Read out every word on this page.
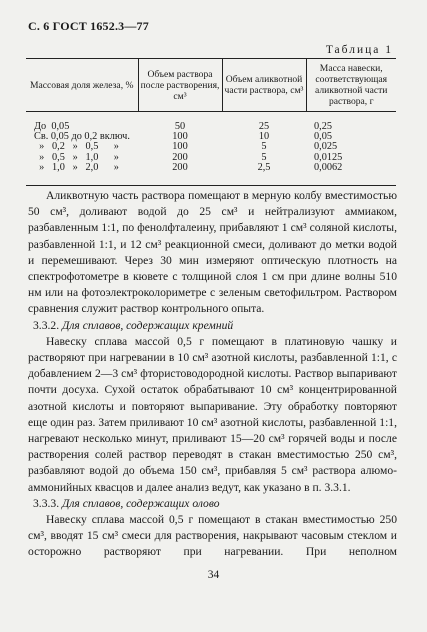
С. 6 ГОСТ 1652.3—77
Таблица 1
Массовая доля железа, %	Объем раствора после растворения, см³	Объем аликвотной части раствора, см³	Масса навески, соответствующая аликвотной части раствора, г
До  0,05	50	25	0,25
Св. 0,05 до 0,2 включ.	100	10	0,05
»   0,2   »   0,5      »	100	5	0,025
»   0,5   »   1,0      »	200	5	0,0125
»   1,0   »   2,0      »	200	2,5	0,0062

Аликвотную часть раствора помещают в мерную колбу вместимостью 50 см³, доливают водой до 25 см³ и нейтрализуют аммиаком, разбавленным 1:1, по фенолфталеину, прибавляют 1 см³ соляной кислоты, разбавленной 1:1, и 12 см³ реакционной смеси, доливают до метки водой и перемешивают. Через 30 мин измеряют оптическую плотность на спектрофотометре в кювете с толщиной слоя 1 см при длине волны 510 нм или на фотоэлектроколориметре с зеленым светофильтром. Раствором сравнения служит раствор контрольного опыта.

3.3.2. Для сплавов, содержащих кремний

Навеску сплава массой 0,5 г помещают в платиновую чашку и растворяют при нагревании в 10 см³ азотной кислоты, разбавленной 1:1, с добавлением 2—3 см³ фтористоводородной кислоты. Раствор выпаривают почти досуха. Сухой остаток обрабатывают 10 см³ концентрированной азотной кислоты и повторяют выпаривание. Эту обработку повторяют еще один раз. Затем приливают 10 см³ азотной кислоты, разбавленной 1:1, нагревают несколько минут, приливают 15—20 см³ горячей воды и после растворения солей раствор переводят в стакан вместимостью 250 см³, разбавляют водой до объема 150 см³, прибавляя 5 см³ раствора алюмо-аммонийных квасцов и далее анализ ведут, как указано в п. 3.3.1.

3.3.3. Для сплавов, содержащих олово

Навеску сплава массой 0,5 г помещают в стакан вместимостью 250 см³, вводят 15 см³ смеси для растворения, накрывают часовым стеклом и осторожно растворяют при нагревании. При неполном

34
